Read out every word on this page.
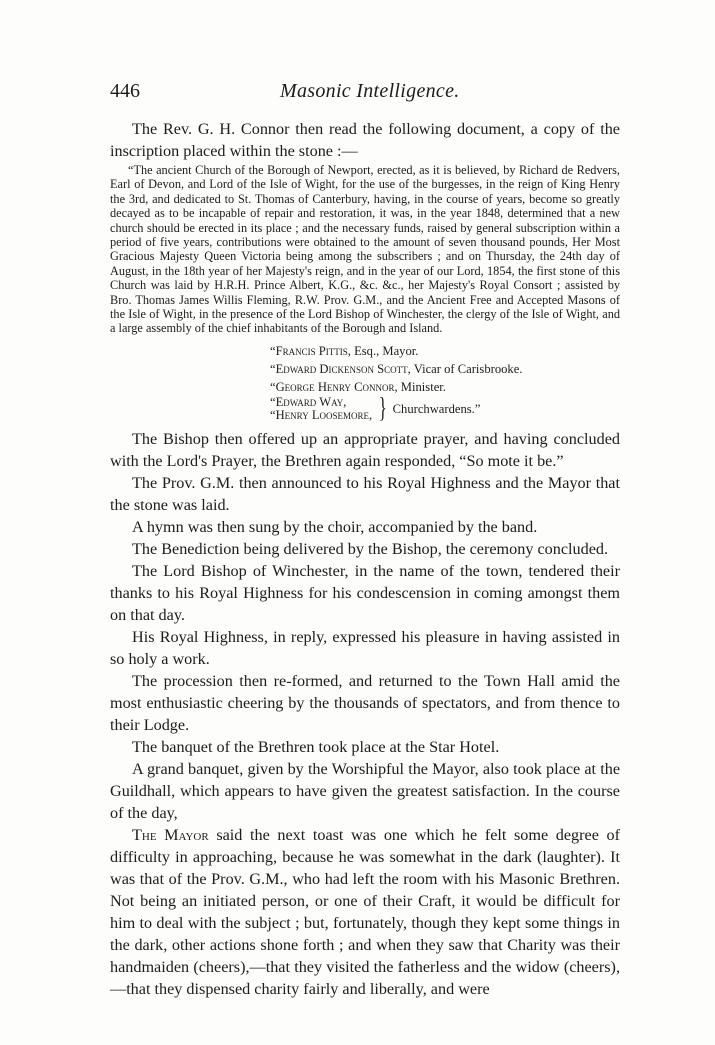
446	Masonic Intelligence.

The Rev. G. H. Connor then read the following document, a copy of the inscription placed within the stone :—

“The ancient Church of the Borough of Newport, erected, as it is believed, by Richard de Redvers, Earl of Devon, and Lord of the Isle of Wight, for the use of the burgesses, in the reign of King Henry the 3rd, and dedicated to St. Thomas of Canterbury, having, in the course of years, become so greatly decayed as to be incapable of repair and restoration, it was, in the year 1848, determined that a new church should be erected in its place ; and the necessary funds, raised by general subscription within a period of five years, contributions were obtained to the amount of seven thousand pounds, Her Most Gracious Majesty Queen Victoria being among the subscribers ; and on Thursday, the 24th day of August, in the 18th year of her Majesty's reign, and in the year of our Lord, 1854, the first stone of this Church was laid by H.R.H. Prince Albert, K.G., &c. &c., her Majesty's Royal Consort ; assisted by Bro. Thomas James Willis Fleming, R.W. Prov. G.M., and the Ancient Free and Accepted Masons of the Isle of Wight, in the presence of the Lord Bishop of Winchester, the clergy of the Isle of Wight, and a large assembly of the chief inhabitants of the Borough and Island.

“Francis Pittis, Esq., Mayor.
“Edward Dickenson Scott, Vicar of Carisbrooke.
“George Henry Connor, Minister.
“Edward Way,
“Henry Loosemore, } Churchwardens.”

The Bishop then offered up an appropriate prayer, and having concluded with the Lord's Prayer, the Brethren again responded, “So mote it be.”

The Prov. G.M. then announced to his Royal Highness and the Mayor that the stone was laid.

A hymn was then sung by the choir, accompanied by the band.

The Benediction being delivered by the Bishop, the ceremony concluded.

The Lord Bishop of Winchester, in the name of the town, tendered their thanks to his Royal Highness for his condescension in coming amongst them on that day.

His Royal Highness, in reply, expressed his pleasure in having assisted in so holy a work.

The procession then re-formed, and returned to the Town Hall amid the most enthusiastic cheering by the thousands of spectators, and from thence to their Lodge.

The banquet of the Brethren took place at the Star Hotel.

A grand banquet, given by the Worshipful the Mayor, also took place at the Guildhall, which appears to have given the greatest satisfaction. In the course of the day,

The Mayor said the next toast was one which he felt some degree of difficulty in approaching, because he was somewhat in the dark (laughter). It was that of the Prov. G.M., who had left the room with his Masonic Brethren. Not being an initiated person, or one of their Craft, it would be difficult for him to deal with the subject ; but, fortunately, though they kept some things in the dark, other actions shone forth ; and when they saw that Charity was their handmaiden (cheers),—that they visited the fatherless and the widow (cheers),—that they dispensed charity fairly and liberally, and were
